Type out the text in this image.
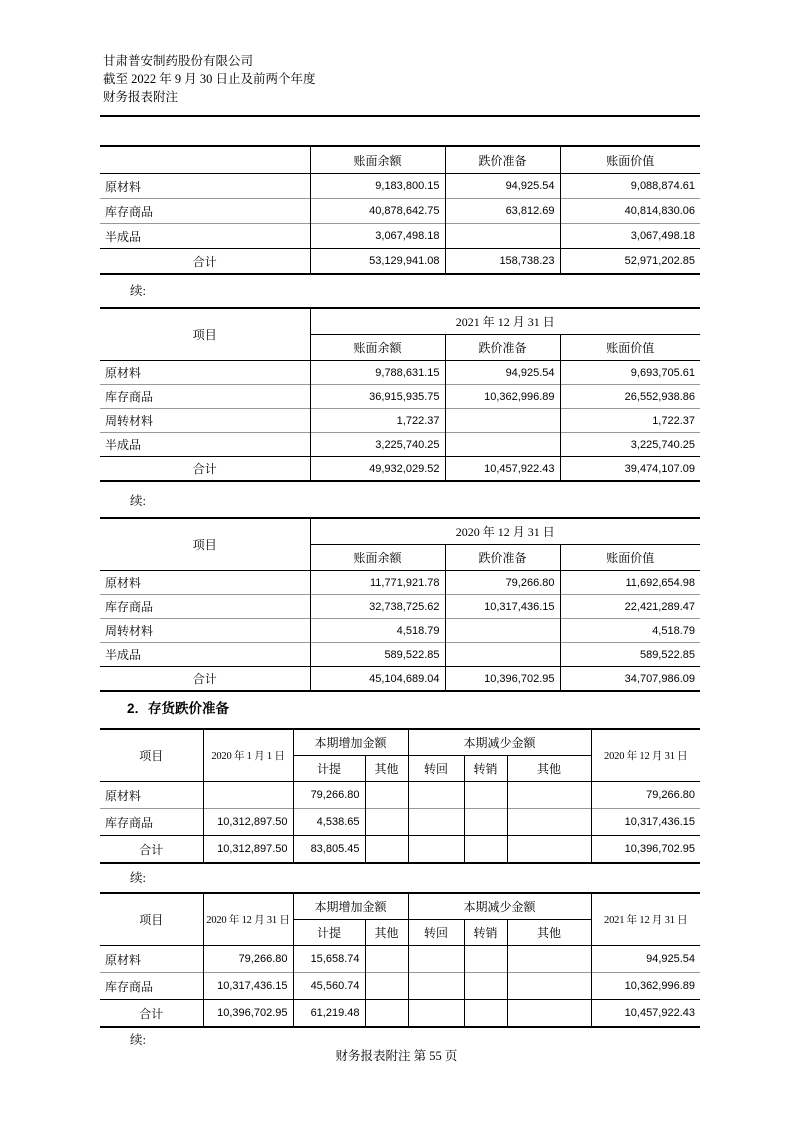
甘肃普安制药股份有限公司
截至 2022 年 9 月 30 日止及前两个年度
财务报表附注
	账面余额	跌价准备	账面价值
原材料	9,183,800.15	94,925.54	9,088,874.61
库存商品	40,878,642.75	63,812.69	40,814,830.06
半成品	3,067,498.18		3,067,498.18
合计	53,129,941.08	158,738.23	52,971,202.85
续:
项目	2021 年 12 月 31 日		
	账面余额	跌价准备	账面价值
原材料	9,788,631.15	94,925.54	9,693,705.61
库存商品	36,915,935.75	10,362,996.89	26,552,938.86
周转材料	1,722.37		1,722.37
半成品	3,225,740.25		3,225,740.25
合计	49,932,029.52	10,457,922.43	39,474,107.09
续:
项目	2020 年 12 月 31 日		
	账面余额	跌价准备	账面价值
原材料	11,771,921.78	79,266.80	11,692,654.98
库存商品	32,738,725.62	10,317,436.15	22,421,289.47
周转材料	4,518.79		4,518.79
半成品	589,522.85		589,522.85
合计	45,104,689.04	10,396,702.95	34,707,986.09
2．存货跌价准备
项目	2020 年 1 月 1 日	本期增加金额		本期减少金额			2020 年 12 月 31 日
		计提	其他	转回	转销	其他	
原材料		79,266.80					79,266.80
库存商品	10,312,897.50	4,538.65					10,317,436.15
合计	10,312,897.50	83,805.45					10,396,702.95
续:
项目	2020 年 12 月 31 日	本期增加金额		本期减少金额			2021 年 12 月 31 日
		计提	其他	转回	转销	其他	
原材料	79,266.80	15,658.74					94,925.54
库存商品	10,317,436.15	45,560.74					10,362,996.89
合计	10,396,702.95	61,219.48					10,457,922.43
续:
财务报表附注 第 55 页
